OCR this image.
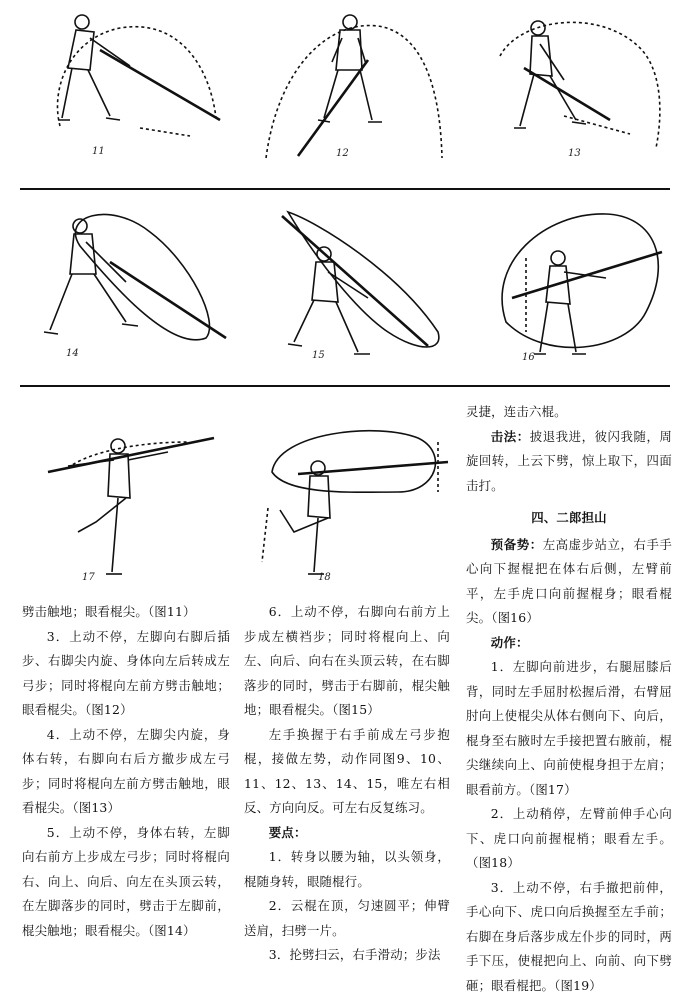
11	12	13
14	15	16
17	18

劈击触地；眼看棍尖。（图11）

3．上动不停，左脚向右脚后插步、右脚尖内旋、身体向左后转成左弓步；同时将棍向左前方劈击触地；眼看棍尖。（图12）

4．上动不停，左脚尖内旋，身体右转，右脚向右后方撤步成左弓步；同时将棍向左前方劈击触地，眼看棍尖。（图13）

5．上动不停，身体右转，左脚向右前方上步成左弓步；同时将棍向右、向上、向后、向左在头顶云转，在左脚落步的同时，劈击于左脚前，棍尖触地；眼看棍尖。（图14）

6．上动不停，右脚向右前方上步成左横裆步；同时将棍向上、向左、向后、向右在头顶云转，在右脚落步的同时，劈击于右脚前，棍尖触地；眼看棍尖。（图15）

左手换握于右手前成左弓步抱棍，接做左势，动作同图9、10、11、12、13、14、15，唯左右相反、方向向反。可左右反复练习。

要点：

1．转身以腰为轴，以头领身，棍随身转，眼随棍行。

2．云棍在顶，匀速圆平；伸臂送肩，扫劈一片。

3．抡劈扫云，右手滑动；步法

灵捷，连击六棍。

击法：披退我进，彼闪我随，周旋回转，上云下劈，惊上取下，四面击打。

四、二郎担山

预备势：左高虚步站立，右手手心向下握棍把在体右后侧，左臂前平，左手虎口向前握棍身；眼看棍尖。（图16）

动作：

1．左脚向前进步，右腿屈膝后背，同时左手屈肘松握后滑，右臂屈肘向上使棍尖从体右侧向下、向后，棍身至右腋时左手接把置右腋前，棍尖继续向上、向前使棍身担于左肩；眼看前方。（图17）

2．上动稍停，左臂前伸手心向下、虎口向前握棍梢；眼看左手。（图18）

3．上动不停，右手撤把前伸，手心向下、虎口向后换握至左手前；右脚在身后落步成左仆步的同时，两手下压，使棍把向上、向前、向下劈砸；眼看棍把。（图19）
